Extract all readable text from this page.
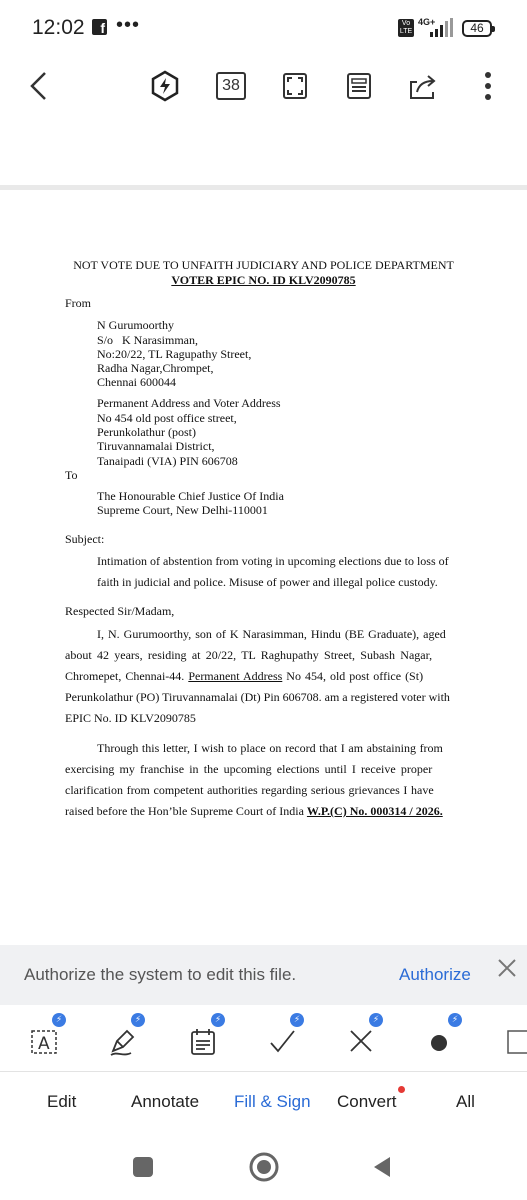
12:02 f •••	Vo LTE
4G+	46
38
NOT VOTE DUE TO UNFAITH JUDICIARY AND POLICE DEPARTMENT
VOTER EPIC NO. ID KLV2090785
From
N Gurumoorthy
S/o   K Narasimman,
No:20/22, TL Ragupathy Street,
Radha Nagar,Chrompet,
Chennai 600044
Permanent Address and Voter Address
No 454 old post office street,
Perunkolathur (post)
Tiruvannamalai District,
Tanaipadi (VIA) PIN 606708
To
The Honourable Chief Justice Of India
Supreme Court, New Delhi-110001
Subject:
Intimation of abstention from voting in upcoming elections due to loss of
faith in judicial and police. Misuse of power and illegal police custody.
Respected Sir/Madam,
I, N. Gurumoorthy, son of K Narasimman, Hindu (BE Graduate), aged
about 42 years, residing at 20/22, TL Raghupathy Street, Subash Nagar,
Chromepet, Chennai-44. Permanent Address No 454, old post office (St)
Perunkolathur (PO) Tiruvannamalai (Dt) Pin 606708. am a registered voter with
EPIC No. ID KLV2090785
Through this letter, I wish to place on record that I am abstaining from
exercising my franchise in the upcoming elections until I receive proper
clarification from competent authorities regarding serious grievances I have
raised before the Hon’ble Supreme Court of India W.P.(C) No. 000314 / 2026.
Authorize the system to edit this file.	Authorize
A
⚡	⚡	⚡	⚡	⚡	⚡
Edit	Annotate Fill & Sign Convert	All
